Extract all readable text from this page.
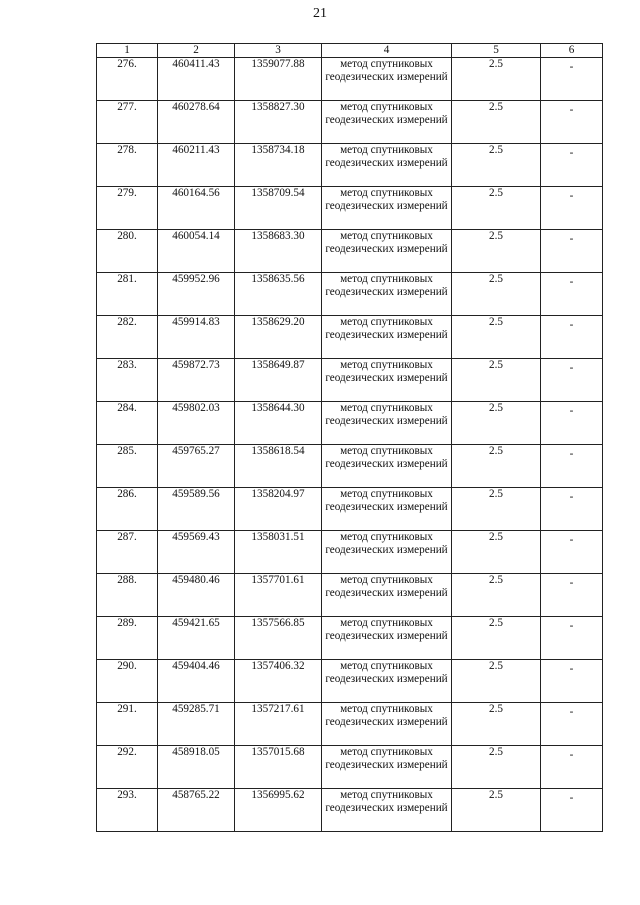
21
1	2	3	4	5	6
276.	460411.43	1359077.88	метод спутниковых геодезических измерений	2.5	-
277.	460278.64	1358827.30	метод спутниковых геодезических измерений	2.5	-
278.	460211.43	1358734.18	метод спутниковых геодезических измерений	2.5	-
279.	460164.56	1358709.54	метод спутниковых геодезических измерений	2.5	-
280.	460054.14	1358683.30	метод спутниковых геодезических измерений	2.5	-
281.	459952.96	1358635.56	метод спутниковых геодезических измерений	2.5	-
282.	459914.83	1358629.20	метод спутниковых геодезических измерений	2.5	-
283.	459872.73	1358649.87	метод спутниковых геодезических измерений	2.5	-
284.	459802.03	1358644.30	метод спутниковых геодезических измерений	2.5	-
285.	459765.27	1358618.54	метод спутниковых геодезических измерений	2.5	-
286.	459589.56	1358204.97	метод спутниковых геодезических измерений	2.5	-
287.	459569.43	1358031.51	метод спутниковых геодезических измерений	2.5	-
288.	459480.46	1357701.61	метод спутниковых геодезических измерений	2.5	-
289.	459421.65	1357566.85	метод спутниковых геодезических измерений	2.5	-
290.	459404.46	1357406.32	метод спутниковых геодезических измерений	2.5	-
291.	459285.71	1357217.61	метод спутниковых геодезических измерений	2.5	-
292.	458918.05	1357015.68	метод спутниковых геодезических измерений	2.5	-
293.	458765.22	1356995.62	метод спутниковых геодезических измерений	2.5	-
